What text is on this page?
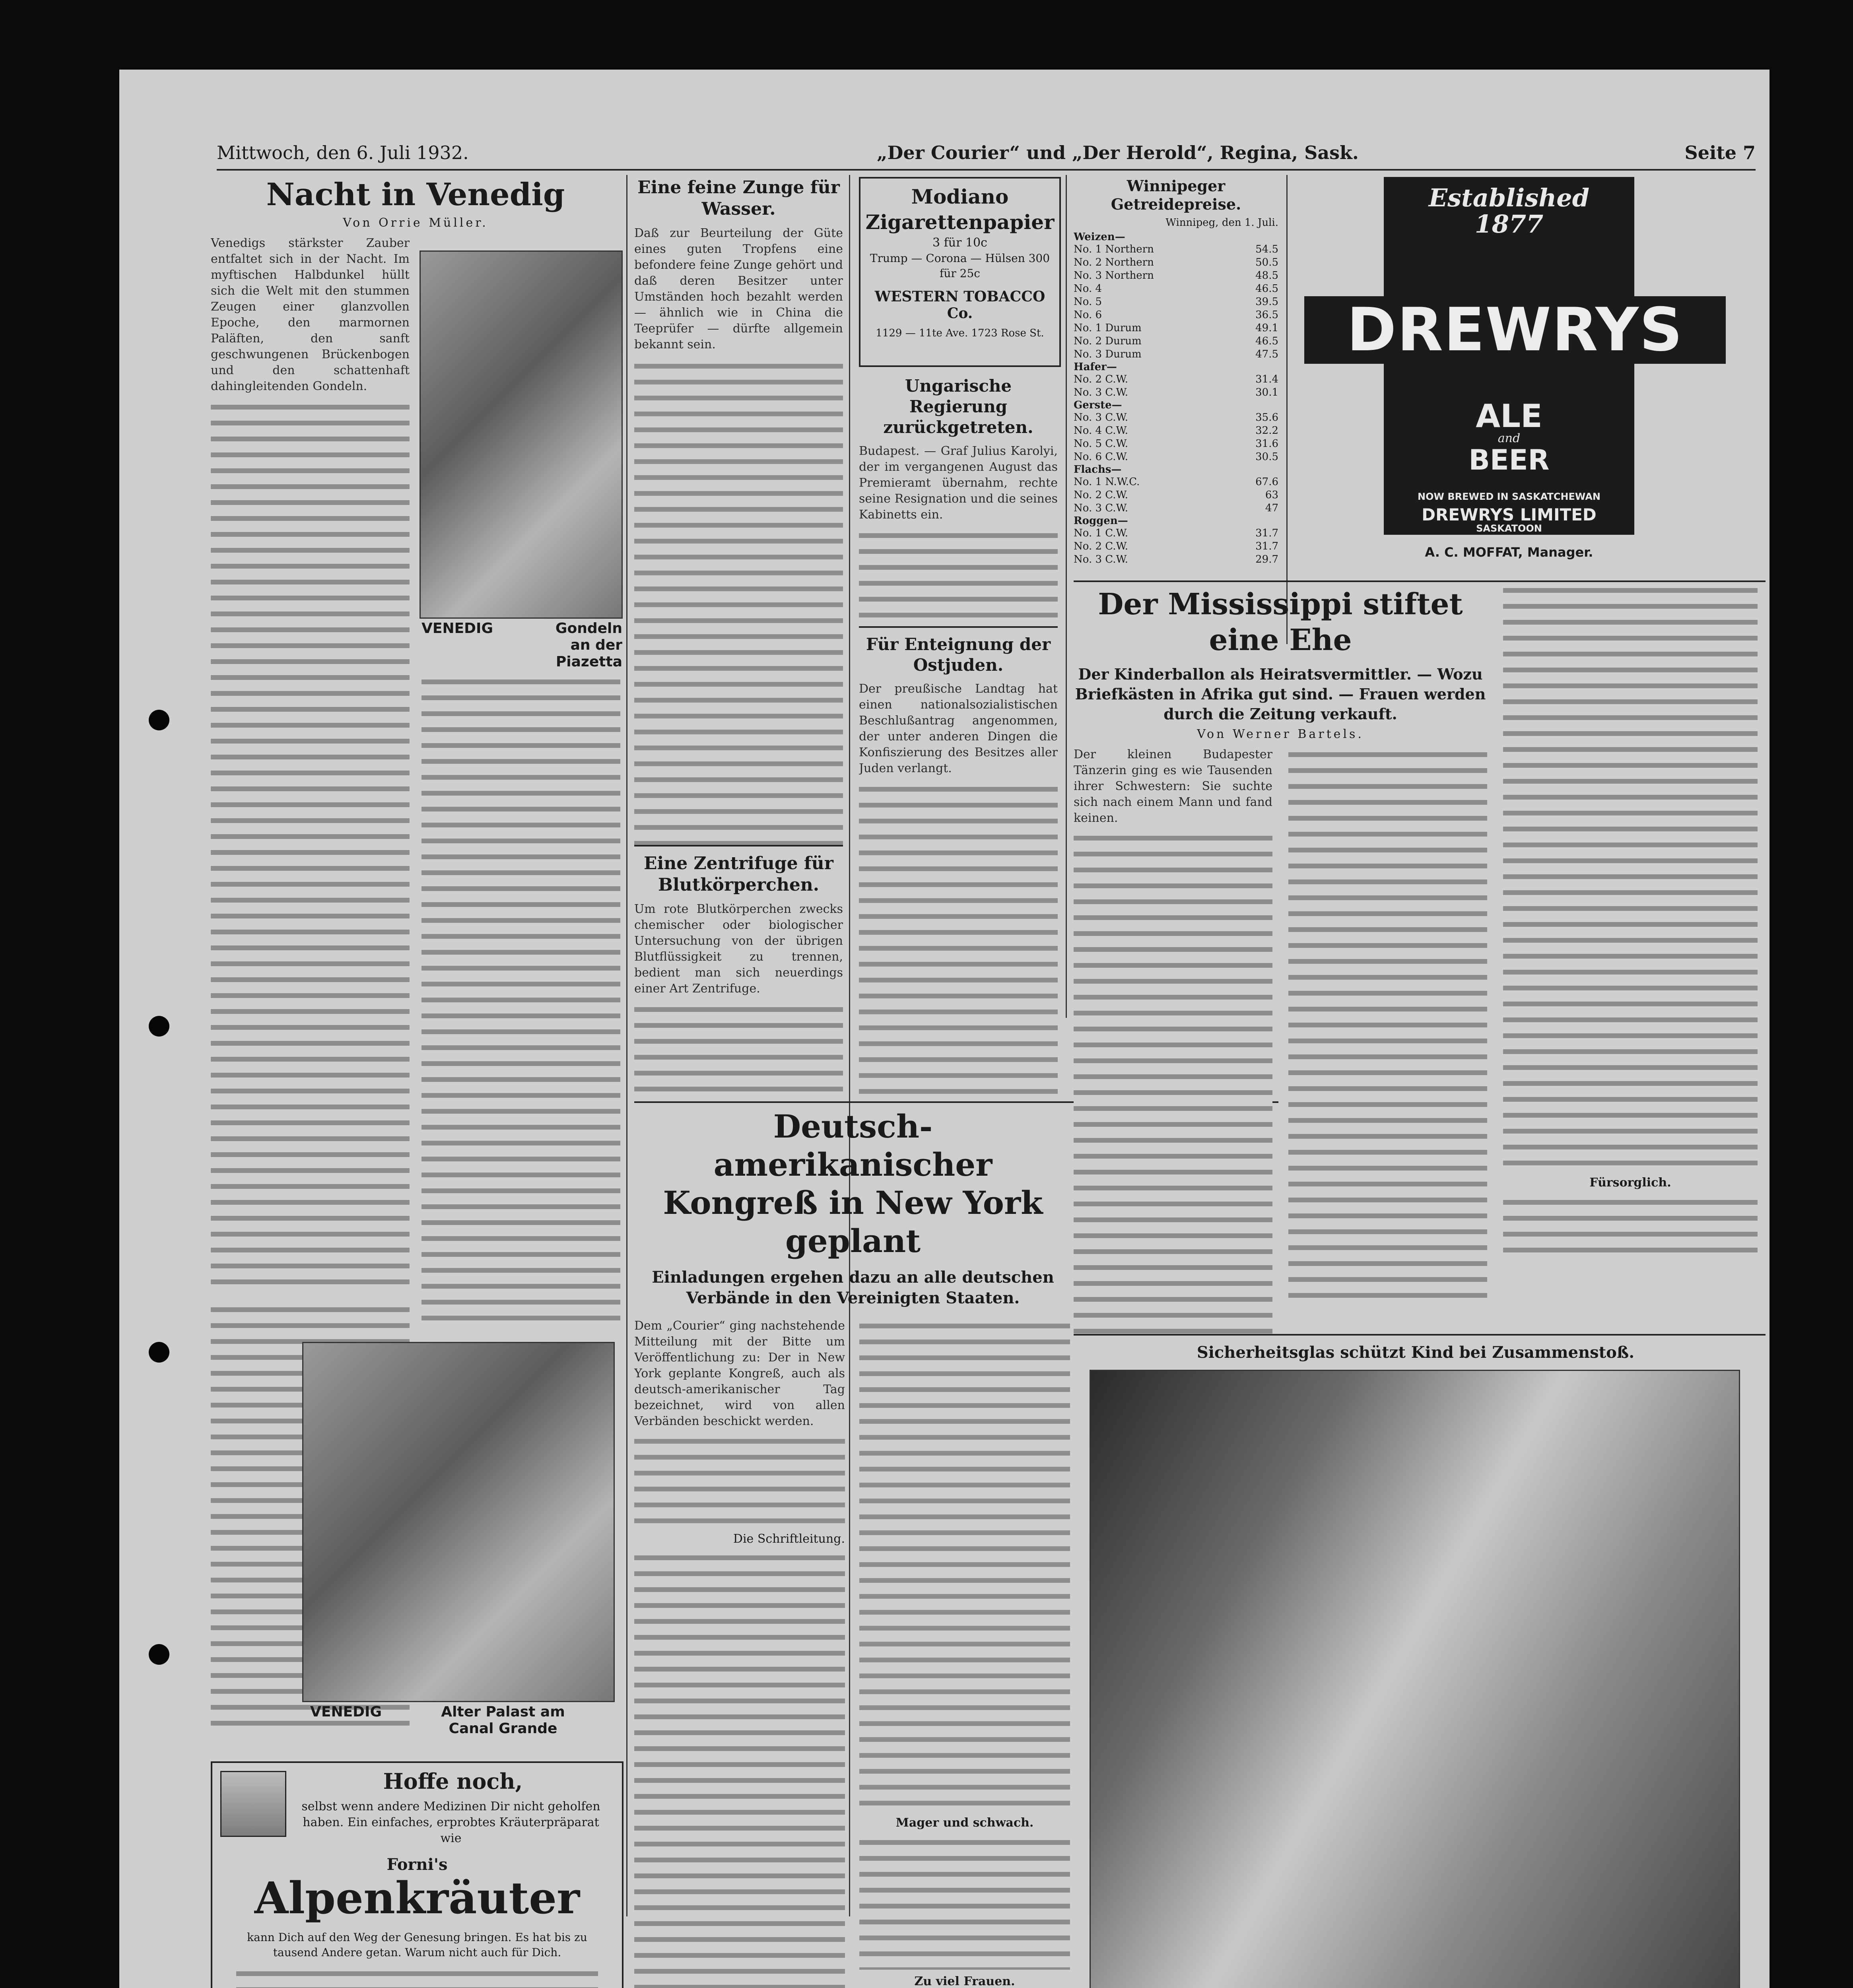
Mittwoch, den 6. Juli 1932.	„Der Courier“ und „Der Herold“, Regina, Sask.	Seite 7
Nacht in Venedig
Von Orrie Müller.
Venedigs stärkster Zauber entfaltet sich in der Nacht. Im myftischen Halbdunkel hüllt sich die Welt mit den stummen Zeugen einer glanzvollen Epoche, den marmornen Paläften, den sanft geschwungenen Brückenbogen und den schattenhaft dahingleitenden Gondeln.
VENEDIG	Gondeln an der Piazetta
VENEDIG	Alter Palast am Canal Grande
Hoffe noch,
selbst wenn andere Medizinen Dir nicht geholfen haben. Ein einfaches, erprobtes Kräuterpräparat wie
Forni's
Alpenkräuter
kann Dich auf den Weg der Genesung bringen. Es hat bis zu tausend Andere getan. Warum nicht auch für Dich.
Eine feine Zunge für Wasser.
Daß zur Beurteilung der Güte eines guten Tropfens eine befondere feine Zunge gehört und daß deren Besitzer unter Umständen hoch bezahlt werden — ähnlich wie in China die Teeprüfer — dürfte allgemein bekannt sein.
Eine Zentrifuge für Blutkörperchen.
Um rote Blutkörperchen zwecks chemischer oder biologischer Untersuchung von der übrigen Blutflüssigkeit zu trennen, bedient man sich neuerdings einer Art Zentrifuge.
Modiano Zigarettenpapier
3 für 10c
Trump — Corona — Hülsen 300 für 25c
WESTERN TOBACCO Co.
1129 — 11te Ave. 1723 Rose St.
Ungarische Regierung zurückgetreten.
Budapest. — Graf Julius Karolyi, der im vergangenen August das Premieramt übernahm, rechte seine Resignation und die seines Kabinetts ein.
Für Enteignung der Ostjuden.
Der preußische Landtag hat einen nationalsozialistischen Beschlußantrag angenommen, der unter anderen Dingen die Konfiszierung des Besitzes aller Juden verlangt.
Deutsch-amerikanischer Kongreß in New York geplant
Einladungen ergehen dazu an alle deutschen Verbände in den Vereinigten Staaten.
Dem „Courier“ ging nachstehende Mitteilung mit der Bitte um Veröffentlichung zu: Der in New York geplante Kongreß, auch als deutsch-amerikanischer Tag bezeichnet, wird von allen Verbänden beschickt werden.
Die Schriftleitung.
Mager und schwach.
Zu viel Frauen.
Winnipeger Getreidepreise.
Winnipeg, den 1. Juli.
Weizen—
No. 1 Northern	54.5
No. 2 Northern	50.5
No. 3 Northern	48.5
No. 4	46.5
No. 5	39.5
No. 6	36.5
No. 1 Durum	49.1
No. 2 Durum	46.5
No. 3 Durum	47.5
Hafer—
No. 2 C.W.	31.4
No. 3 C.W.	30.1
Gerste—
No. 3 C.W.	35.6
No. 4 C.W.	32.2
No. 5 C.W.	31.6
No. 6 C.W.	30.5
Flachs—
No. 1 N.W.C.	67.6
No. 2 C.W.	63
No. 3 C.W.	47
Roggen—
No. 1 C.W.	31.7
No. 2 C.W.	31.7
No. 3 C.W.	29.7
Established 1877
DREWRYS
ALE
and
BEER
NOW BREWED IN SASKATCHEWAN
DREWRYS LIMITED
SASKATOON
A. C. MOFFAT, Manager.
Der Mississippi stiftet eine Ehe
Der Kinderballon als Heiratsvermittler. — Wozu Briefkästen in Afrika gut sind. — Frauen werden durch die Zeitung verkauft.
Von Werner Bartels.
Der kleinen Budapester Tänzerin ging es wie Tausenden ihrer Schwestern: Sie suchte sich nach einem Mann und fand keinen.
Fürsorglich.
Sicherheitsglas schützt Kind bei Zusammenstoß.
